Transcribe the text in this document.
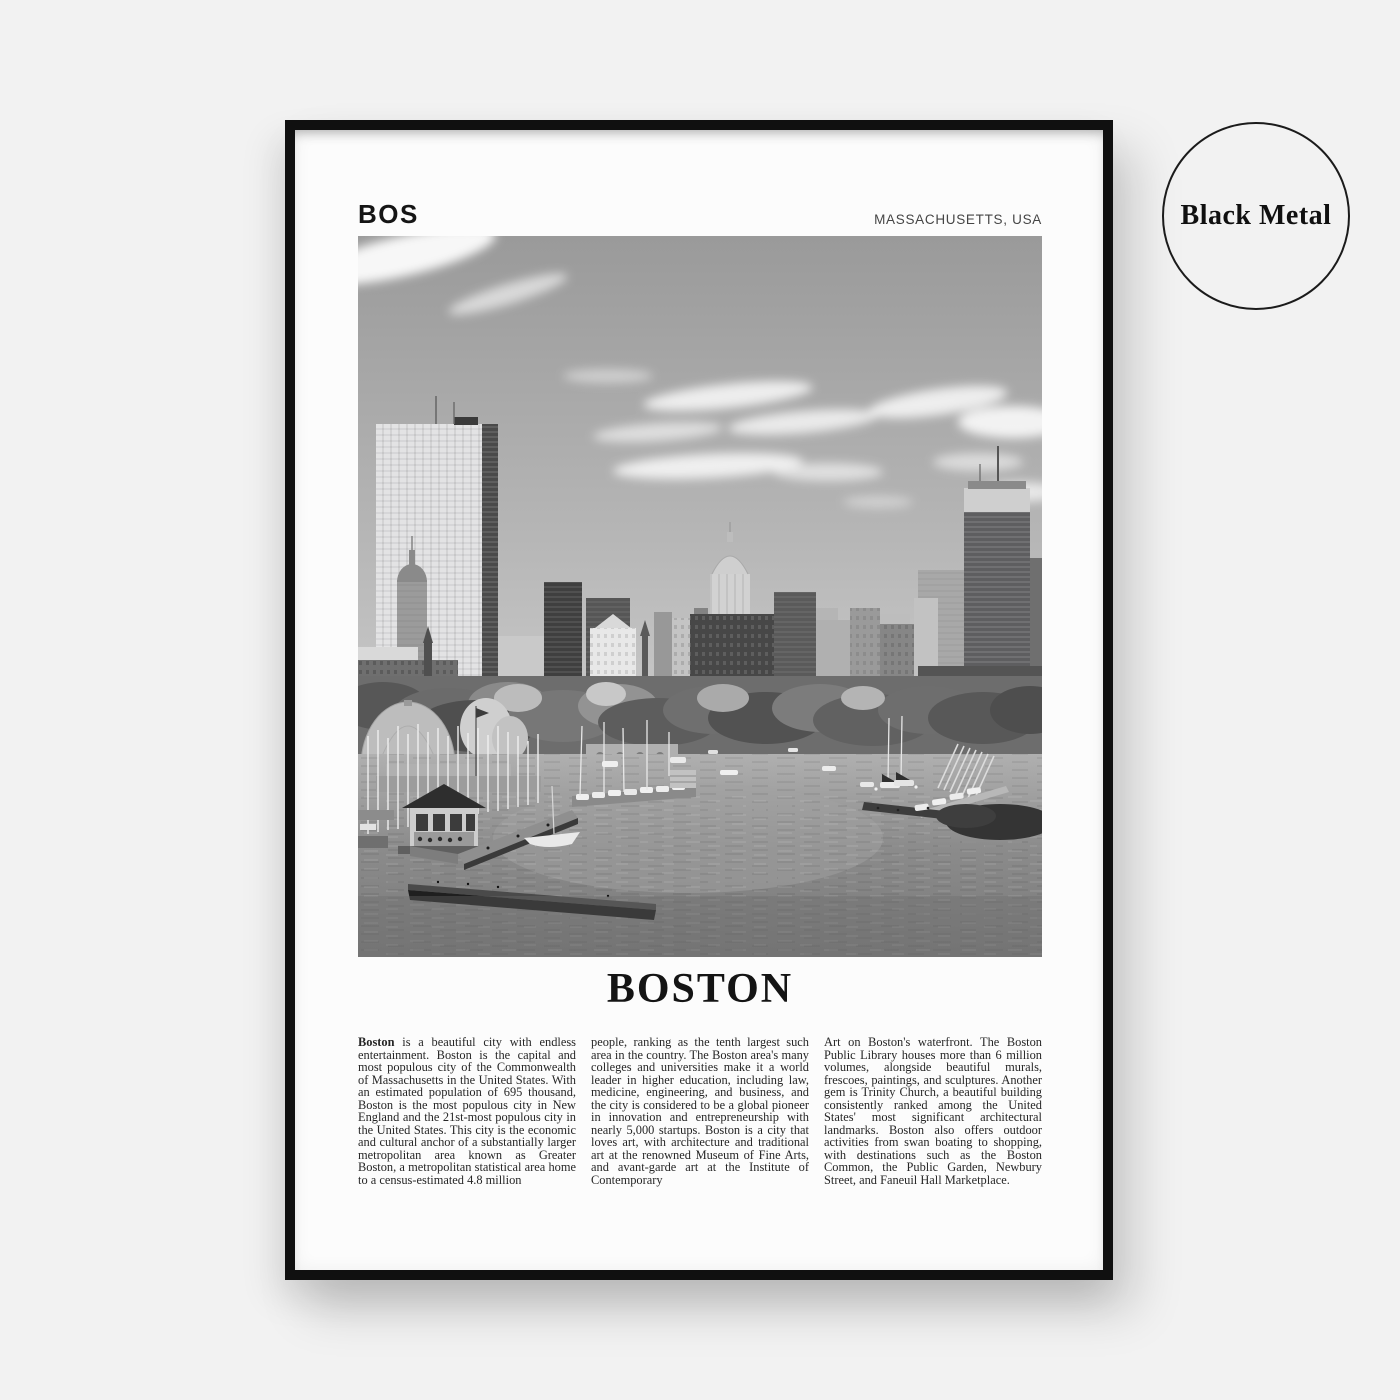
BOS	MASSACHUSETTS, USA
BOSTON

Boston is a beautiful city with endless entertainment. Boston is the capital and most populous city of the Commonwealth of Massachusetts in the United States. With an estimated population of 695 thousand, Boston is the most populous city in New England and the 21st-most populous city in the United States. This city is the economic and cultural anchor of a substantially larger metropolitan area known as Greater Boston, a metropolitan statistical area home to a census-estimated 4.8 million

people, ranking as the tenth largest such area in the country. The Boston area's many colleges and universities make it a world leader in higher education, including law, medicine, engineering, and business, and the city is considered to be a global pioneer in innovation and entrepreneurship with nearly 5,000 startups. Boston is a city that loves art, with architecture and traditional art at the renowned Museum of Fine Arts, and avant-garde art at the Institute of Contemporary

Art on Boston's waterfront. The Boston Public Library houses more than 6 million volumes, alongside beautiful murals, frescoes, paintings, and sculptures. Another gem is Trinity Church, a beautiful building consistently ranked among the United States' most significant architectural landmarks. Boston also offers outdoor activities from swan boating to shopping, with destinations such as the Boston Common, the Public Garden, Newbury Street, and Faneuil Hall Marketplace.

Black Metal
